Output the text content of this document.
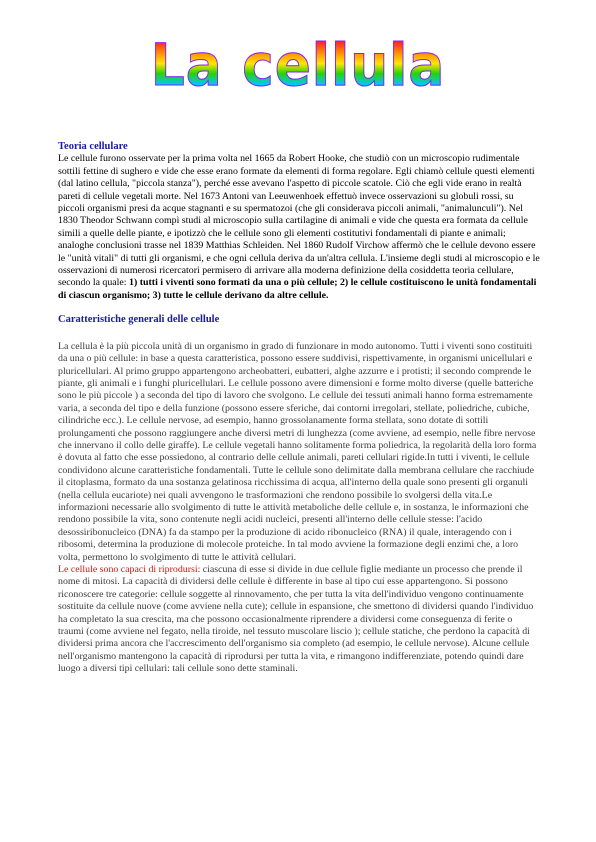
La cellula
Teoria cellulare

Le cellule furono osservate per la prima volta nel 1665 da Robert Hooke, che studiò con un microscopio rudimentale sottili fettine di sughero e vide che esse erano formate da elementi di forma regolare. Egli chiamò cellule questi elementi (dal latino cellula, "piccola stanza"), perché esse avevano l'aspetto di piccole scatole. Ciò che egli vide erano in realtà pareti di cellule vegetali morte. Nel 1673 Antoni van Leeuwenhoek effettuò invece osservazioni su globuli rossi, su piccoli organismi presi da acque stagnanti e su spermatozoi (che gli considerava piccoli animali, "animalunculi"). Nel 1830 Theodor Schwann compì studi al microscopio sulla cartilagine di animali e vide che questa era formata da cellule simili a quelle delle piante, e ipotizzò che le cellule sono gli elementi costitutivi fondamentali di piante e animali; analoghe conclusioni trasse nel 1839 Matthias Schleiden. Nel 1860 Rudolf Virchow affermò che le cellule devono essere le "unità vitali" di tutti gli organismi, e che ogni cellula deriva da un'altra cellula. L'insieme degli studi al microscopio e le osservazioni di numerosi ricercatori permisero di arrivare alla moderna definizione della cosiddetta teoria cellulare, secondo la quale: 1) tutti i viventi sono formati da una o più cellule; 2) le cellule costituiscono le unità fondamentali di ciascun organismo; 3) tutte le cellule derivano da altre cellule.

Caratteristiche generali delle cellule

La cellula è la più piccola unità di un organismo in grado di funzionare in modo autonomo. Tutti i viventi sono costituiti da una o più cellule: in base a questa caratteristica, possono essere suddivisi, rispettivamente, in organismi unicellulari e pluricellulari. Al primo gruppo appartengono archeobatteri, eubatteri, alghe azzurre e i protisti; il secondo comprende le piante, gli animali e i funghi pluricellulari. Le cellule possono avere dimensioni e forme molto diverse (quelle batteriche sono le più piccole ) a seconda del tipo di lavoro che svolgono. Le cellule dei tessuti animali hanno forma estremamente varia, a seconda del tipo e della funzione (possono essere sferiche, dai contorni irregolari, stellate, poliedriche, cubiche, cilindriche ecc.). Le cellule nervose, ad esempio, hanno grossolanamente forma stellata, sono dotate di sottili prolungamenti che possono raggiungere anche diversi metri di lunghezza (come avviene, ad esempio, nelle fibre nervose che innervano il collo delle giraffe). Le cellule vegetali hanno solitamente forma poliedrica, la regolarità della loro forma è dovuta al fatto che esse possiedono, al contrario delle cellule animali, pareti cellulari rigide.In tutti i viventi, le cellule condividono alcune caratteristiche fondamentali. Tutte le cellule sono delimitate dalla membrana cellulare che racchiude il citoplasma, formato da una sostanza gelatinosa ricchissima di acqua, all'interno della quale sono presenti gli organuli (nella cellula eucariote) nei quali avvengono le trasformazioni che rendono possibile lo svolgersi della vita.Le informazioni necessarie allo svolgimento di tutte le attività metaboliche delle cellule e, in sostanza, le informazioni che rendono possibile la vita, sono contenute negli acidi nucleici, presenti all'interno delle cellule stesse: l'acido desossiribonucleico (DNA) fa da stampo per la produzione di acido ribonucleico (RNA) il quale, interagendo con i ribosomi, determina la produzione di molecole proteiche. In tal modo avviene la formazione degli enzimi che, a loro volta, permettono lo svolgimento di tutte le attività cellulari.
Le cellule sono capaci di riprodursi: ciascuna di esse si divide in due cellule figlie mediante un processo che prende il nome di mitosi. La capacità di dividersi delle cellule è differente in base al tipo cui esse appartengono. Si possono riconoscere tre categorie: cellule soggette al rinnovamento, che per tutta la vita dell'individuo vengono continuamente sostituite da cellule nuove (come avviene nella cute); cellule in espansione, che smettono di dividersi quando l'individuo ha completato la sua crescita, ma che possono occasionalmente riprendere a dividersi come conseguenza di ferite o traumi (come avviene nel fegato, nella tiroide, nel tessuto muscolare liscio ); cellule statiche, che perdono la capacità di dividersi prima ancora che l'accrescimento dell'organismo sia completo (ad esempio, le cellule nervose). Alcune cellule nell'organismo mantengono la capacità di riprodursi per tutta la vita, e rimangono indifferenziate, potendo quindi dare luogo a diversi tipi cellulari: tali cellule sono dette staminali.
